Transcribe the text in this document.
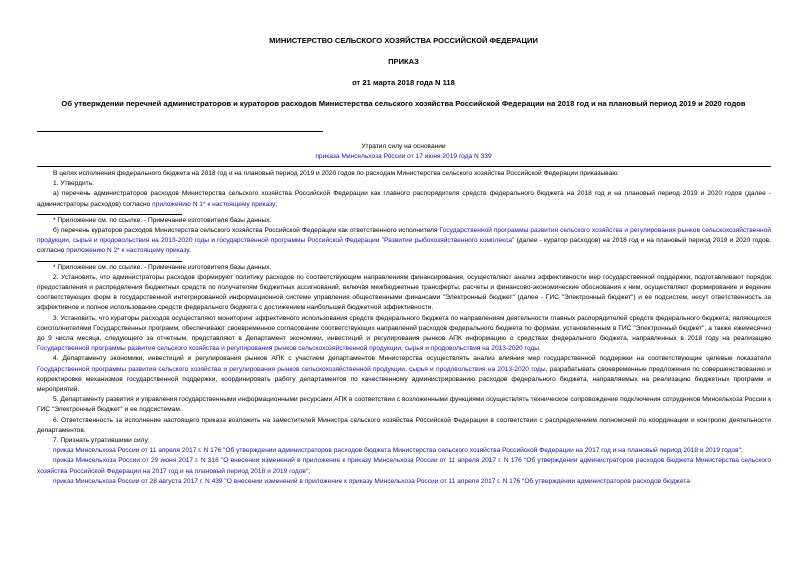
МИНИСТЕРСТВО СЕЛЬСКОГО ХОЗЯЙСТВА РОССИЙСКОЙ ФЕДЕРАЦИИ
ПРИКАЗ
от 21 марта 2018 года N 118
Об утверждении перечней администраторов и кураторов расходов Министерства сельского хозяйства Российской Федерации на 2018 год и на плановый период 2019 и 2020 годов
Утратил силу на основании
приказа Минсельхоза России от 17 июня 2019 года N 339

В целях исполнения федерального бюджета на 2018 год и на плановый период 2019 и 2020 годов по расходам Министерства сельского хозяйства Российской Федерации приказываю:

1. Утвердить:

а) перечень администраторов расходов Министерства сельского хозяйства Российской Федерации как главного распорядителя средств федерального бюджета на 2018 год и на плановый период 2019 и 2020 годов (далее - администраторы расходов) согласно приложению N 1* к настоящему приказу;

* Приложение см. по ссылке. - Примечание изготовителя базы данных.

б) перечень кураторов расходов Министерства сельского хозяйства Российской Федерации как ответственного исполнителя Государственной программы развития сельского хозяйства и регулирования рынков сельскохозяйственной продукции, сырья и продовольствия на 2013-2020 годы и государственной программы Российской Федерации "Развитие рыбохозяйственного комплекса" (далее - куратор расходов) на 2018 год и на плановый период 2019 и 2020 годов, согласно приложению N 2* к настоящему приказу.

* Приложение см. по ссылке. - Примечание изготовителя базы данных.

2. Установить, что администраторы расходов формируют политику расходов по соответствующим направлениям финансирования, осуществляют анализ эффективности мер государственной поддержки, подготавливают порядок предоставления и распределения бюджетных средств по получателям бюджетных ассигнований, включая межбюджетные трансферты, расчеты и финансово-экономические обоснования к ним, осуществляют формирование и ведение соответствующих форм в государственной интегрированной информационной системе управления общественными финансами "Электронный бюджет" (далее - ГИС "Электронный бюджет") и ее подсистем, несут ответственность за эффективное и полное использование средств федерального бюджета с достижением наибольшей бюджетной эффективности.

3. Установить, что кураторы расходов осуществляют мониторинг эффективного использования средств федерального бюджета по направлениям деятельности главных распорядителей средств федерального бюджета, являющихся соисполнителями Государственных программ, обеспечивают своевременное согласование соответствующих направлений расходов федерального бюджета по формам, установленным в ГИС "Электронный бюджет", а также ежемесячно до 9 числа месяца, следующего за отчетным, представляют в Департамент экономики, инвестиций и регулирования рынков АПК информацию о средствах федерального бюджета, направленных в 2018 году на реализацию Государственной программы развития сельского хозяйства и регулирования рынков сельскохозяйственной продукции, сырья и продовольствия на 2013-2020 годы.

4. Департаменту экономики, инвестиций и регулирования рынков АПК с участием департаментов Министерства осуществлять анализ влияния мер государственной поддержки на соответствующие целевые показатели Государственной программы развития сельского хозяйства и регулирования рынков сельскохозяйственной продукции, сырья и продовольствия на 2013-2020 годы, разрабатывать своевременные предложения по совершенствованию и корректировке механизмов государственной поддержки, координировать работу департаментов по качественному администрированию расходов федерального бюджета, направляемых на реализацию бюджетных программ и мероприятий.

5. Департаменту развития и управления государственными информационными ресурсами АПК в соответствии с возложенными функциями осуществлять техническое сопровождение подключения сотрудников Минсельхоза России к ГИС "Электронный бюджет" и ее подсистемам.

6. Ответственность за исполнение настоящего приказа возложить на заместителей Министра сельского хозяйства Российской Федерации в соответствии с распределением полномочий по координации и контролю деятельности департаментов.

7. Признать утратившими силу:

приказ Минсельхоза России от 11 апреля 2017 г. N 176 "Об утверждении администраторов расходов бюджета Министерства сельского хозяйства Российской Федерации на 2017 год и на плановый период 2018 и 2019 годов";

приказ Минсельхоза России от 29 июня 2017 г. N 316 "О внесении изменений в приложение к приказу Минсельхоза России от 11 апреля 2017 г. N 176 "Об утверждении администраторов расходов бюджета Министерства сельского хозяйства Российской Федерации на 2017 год и на плановый период 2018 и 2019 годов";

приказ Минсельхоза России от 28 августа 2017 г. N 439 "О внесении изменений в приложение к приказу Минсельхоза России от 11 апреля 2017 г. N 176 "Об утверждении администраторов расходов бюджета
